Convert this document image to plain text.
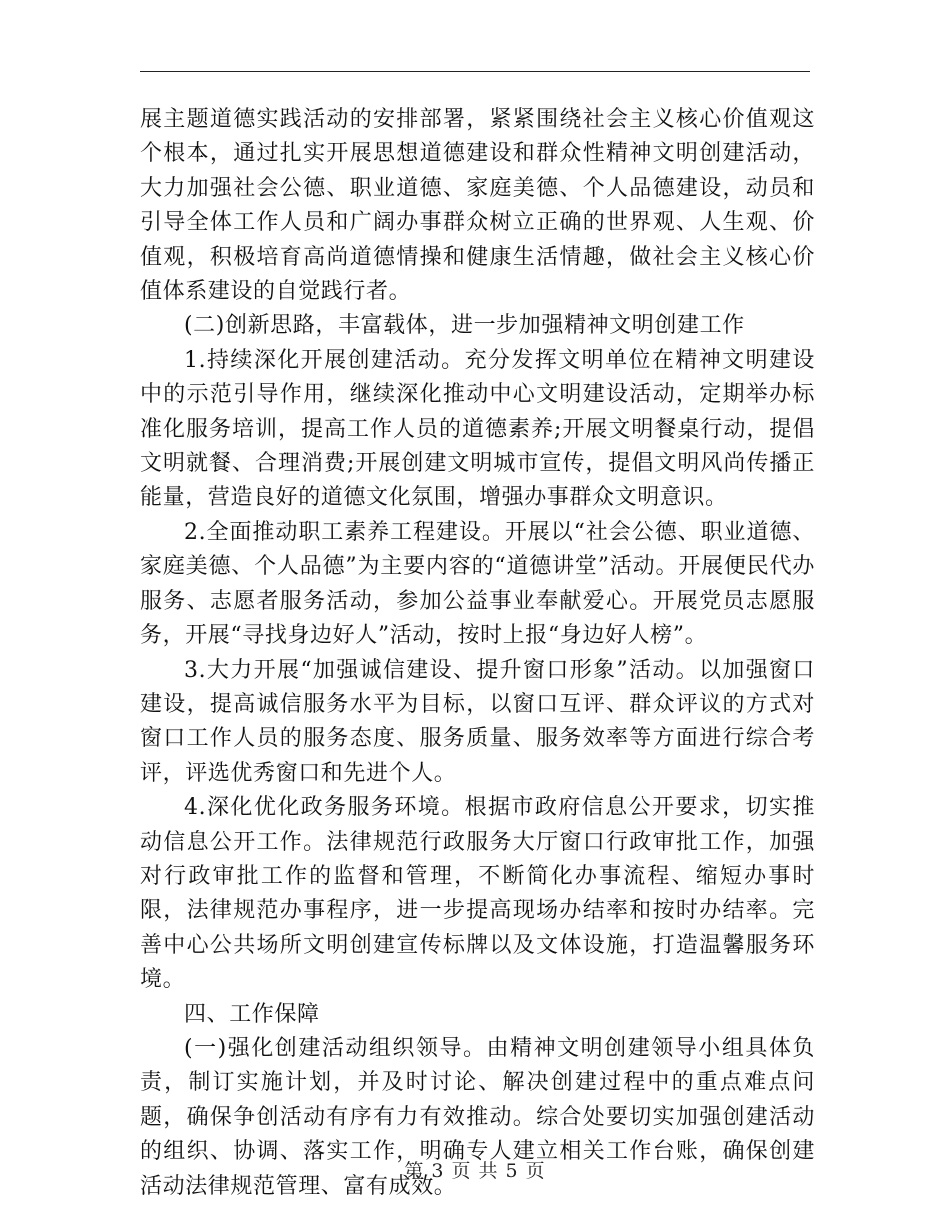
展主题道德实践活动的安排部署，紧紧围绕社会主义核心价值观这个根本，通过扎实开展思想道德建设和群众性精神文明创建活动，大力加强社会公德、职业道德、家庭美德、个人品德建设，动员和引导全体工作人员和广阔办事群众树立正确的世界观、人生观、价值观，积极培育高尚道德情操和健康生活情趣，做社会主义核心价值体系建设的自觉践行者。

(二)创新思路，丰富载体，进一步加强精神文明创建工作

1.持续深化开展创建活动。充分发挥文明单位在精神文明建设中的示范引导作用，继续深化推动中心文明建设活动，定期举办标准化服务培训，提高工作人员的道德素养;开展文明餐桌行动，提倡文明就餐、合理消费;开展创建文明城市宣传，提倡文明风尚传播正能量，营造良好的道德文化氛围，增强办事群众文明意识。

2.全面推动职工素养工程建设。开展以“社会公德、职业道德、家庭美德、个人品德”为主要内容的“道德讲堂”活动。开展便民代办服务、志愿者服务活动，参加公益事业奉献爱心。开展党员志愿服务，开展“寻找身边好人”活动，按时上报“身边好人榜”。

3.大力开展“加强诚信建设、提升窗口形象”活动。以加强窗口建设，提高诚信服务水平为目标，以窗口互评、群众评议的方式对窗口工作人员的服务态度、服务质量、服务效率等方面进行综合考评，评选优秀窗口和先进个人。

4.深化优化政务服务环境。根据市政府信息公开要求，切实推动信息公开工作。法律规范行政服务大厅窗口行政审批工作，加强对行政审批工作的监督和管理，不断简化办事流程、缩短办事时限，法律规范办事程序，进一步提高现场办结率和按时办结率。完善中心公共场所文明创建宣传标牌以及文体设施，打造温馨服务环境。

四、工作保障

(一)强化创建活动组织领导。由精神文明创建领导小组具体负责，制订实施计划，并及时讨论、解决创建过程中的重点难点问题，确保争创活动有序有力有效推动。综合处要切实加强创建活动的组织、协调、落实工作，明确专人建立相关工作台账，确保创建活动法律规范管理、富有成效。

第 3 页 共 5 页
